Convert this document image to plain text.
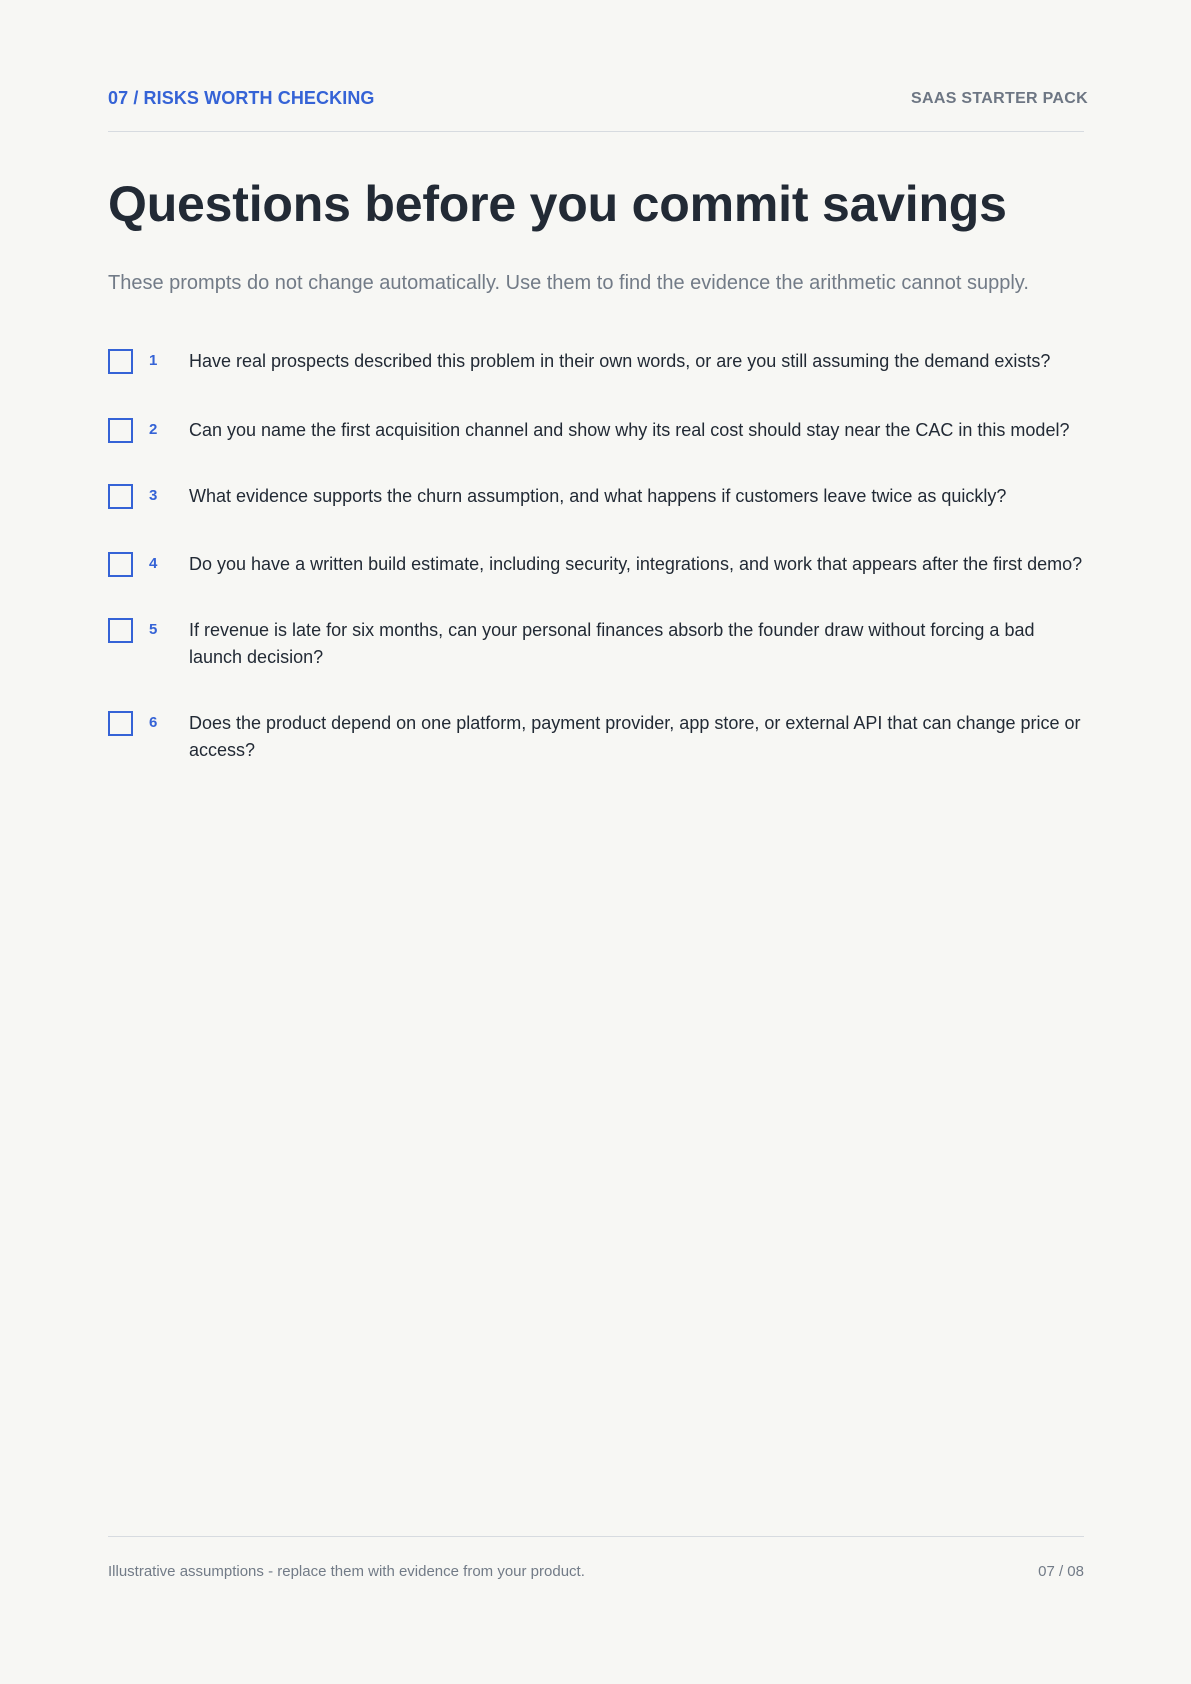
07 / RISKS WORTH CHECKING	SAAS STARTER PACK
Questions before you commit savings

These prompts do not change automatically. Use them to find the evidence the arithmetic cannot supply.

1	Have real prospects described this problem in their own words, or are you still assuming the demand exists?
2	Can you name the first acquisition channel and show why its real cost should stay near the CAC in this model?
3	What evidence supports the churn assumption, and what happens if customers leave twice as quickly?
4	Do you have a written build estimate, including security, integrations, and work that appears after the first demo?
5	If revenue is late for six months, can your personal finances absorb the founder draw without forcing a bad launch decision?
6	Does the product depend on one platform, payment provider, app store, or external API that can change price or access?
Illustrative assumptions - replace them with evidence from your product.	07 / 08
